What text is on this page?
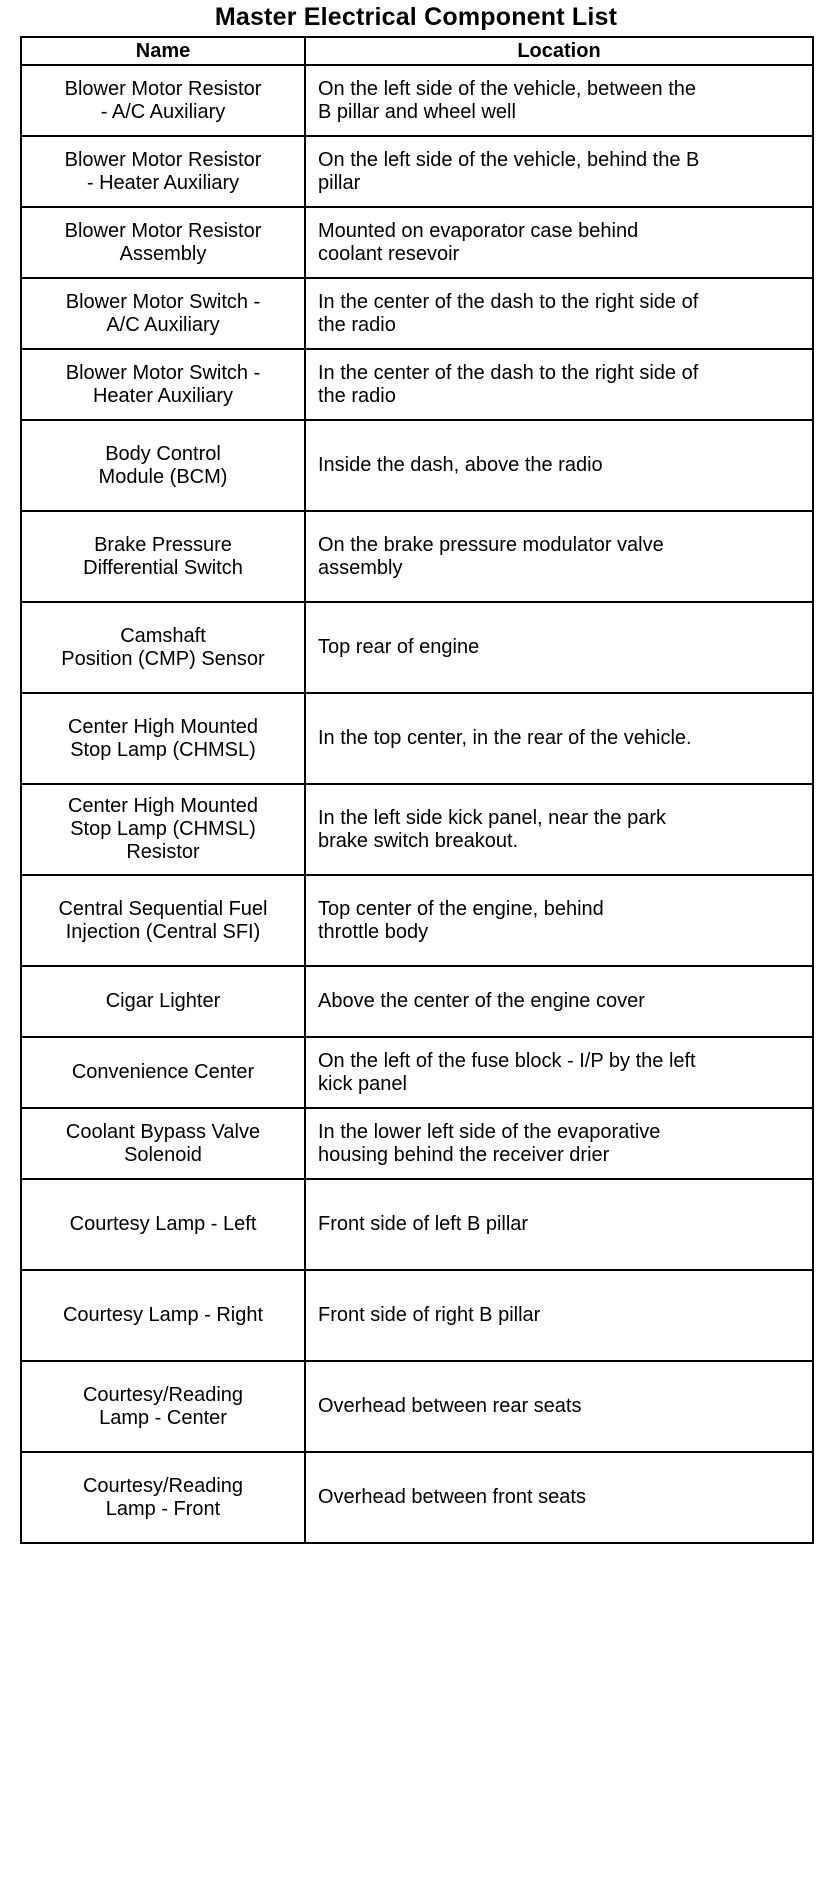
Master Electrical Component List
Name	Location

Blower Motor Resistor
- A/C Auxiliary	On the left side of the vehicle, between the
B pillar and wheel well

Blower Motor Resistor
- Heater Auxiliary	On the left side of the vehicle, behind the B
pillar

Blower Motor Resistor
Assembly	Mounted on evaporator case behind
coolant resevoir

Blower Motor Switch -
A/C Auxiliary	In the center of the dash to the right side of
the radio

Blower Motor Switch -
Heater Auxiliary	In the center of the dash to the right side of
the radio

Body Control
Module (BCM)	Inside the dash, above the radio

Brake Pressure
Differential Switch	On the brake pressure modulator valve
assembly

Camshaft
Position (CMP) Sensor	Top rear of engine

Center High Mounted
Stop Lamp (CHMSL)	In the top center, in the rear of the vehicle.

Center High Mounted
Stop Lamp (CHMSL)
Resistor	In the left side kick panel, near the park
brake switch breakout.

Central Sequential Fuel
Injection (Central SFI)	Top center of the engine, behind
throttle body

Cigar Lighter	Above the center of the engine cover

Convenience Center	On the left of the fuse block - I/P by the left
kick panel

Coolant Bypass Valve
Solenoid	In the lower left side of the evaporative
housing behind the receiver drier

Courtesy Lamp - Left	Front side of left B pillar

Courtesy Lamp - Right	Front side of right B pillar

Courtesy/Reading
Lamp - Center	Overhead between rear seats

Courtesy/Reading
Lamp - Front	Overhead between front seats
